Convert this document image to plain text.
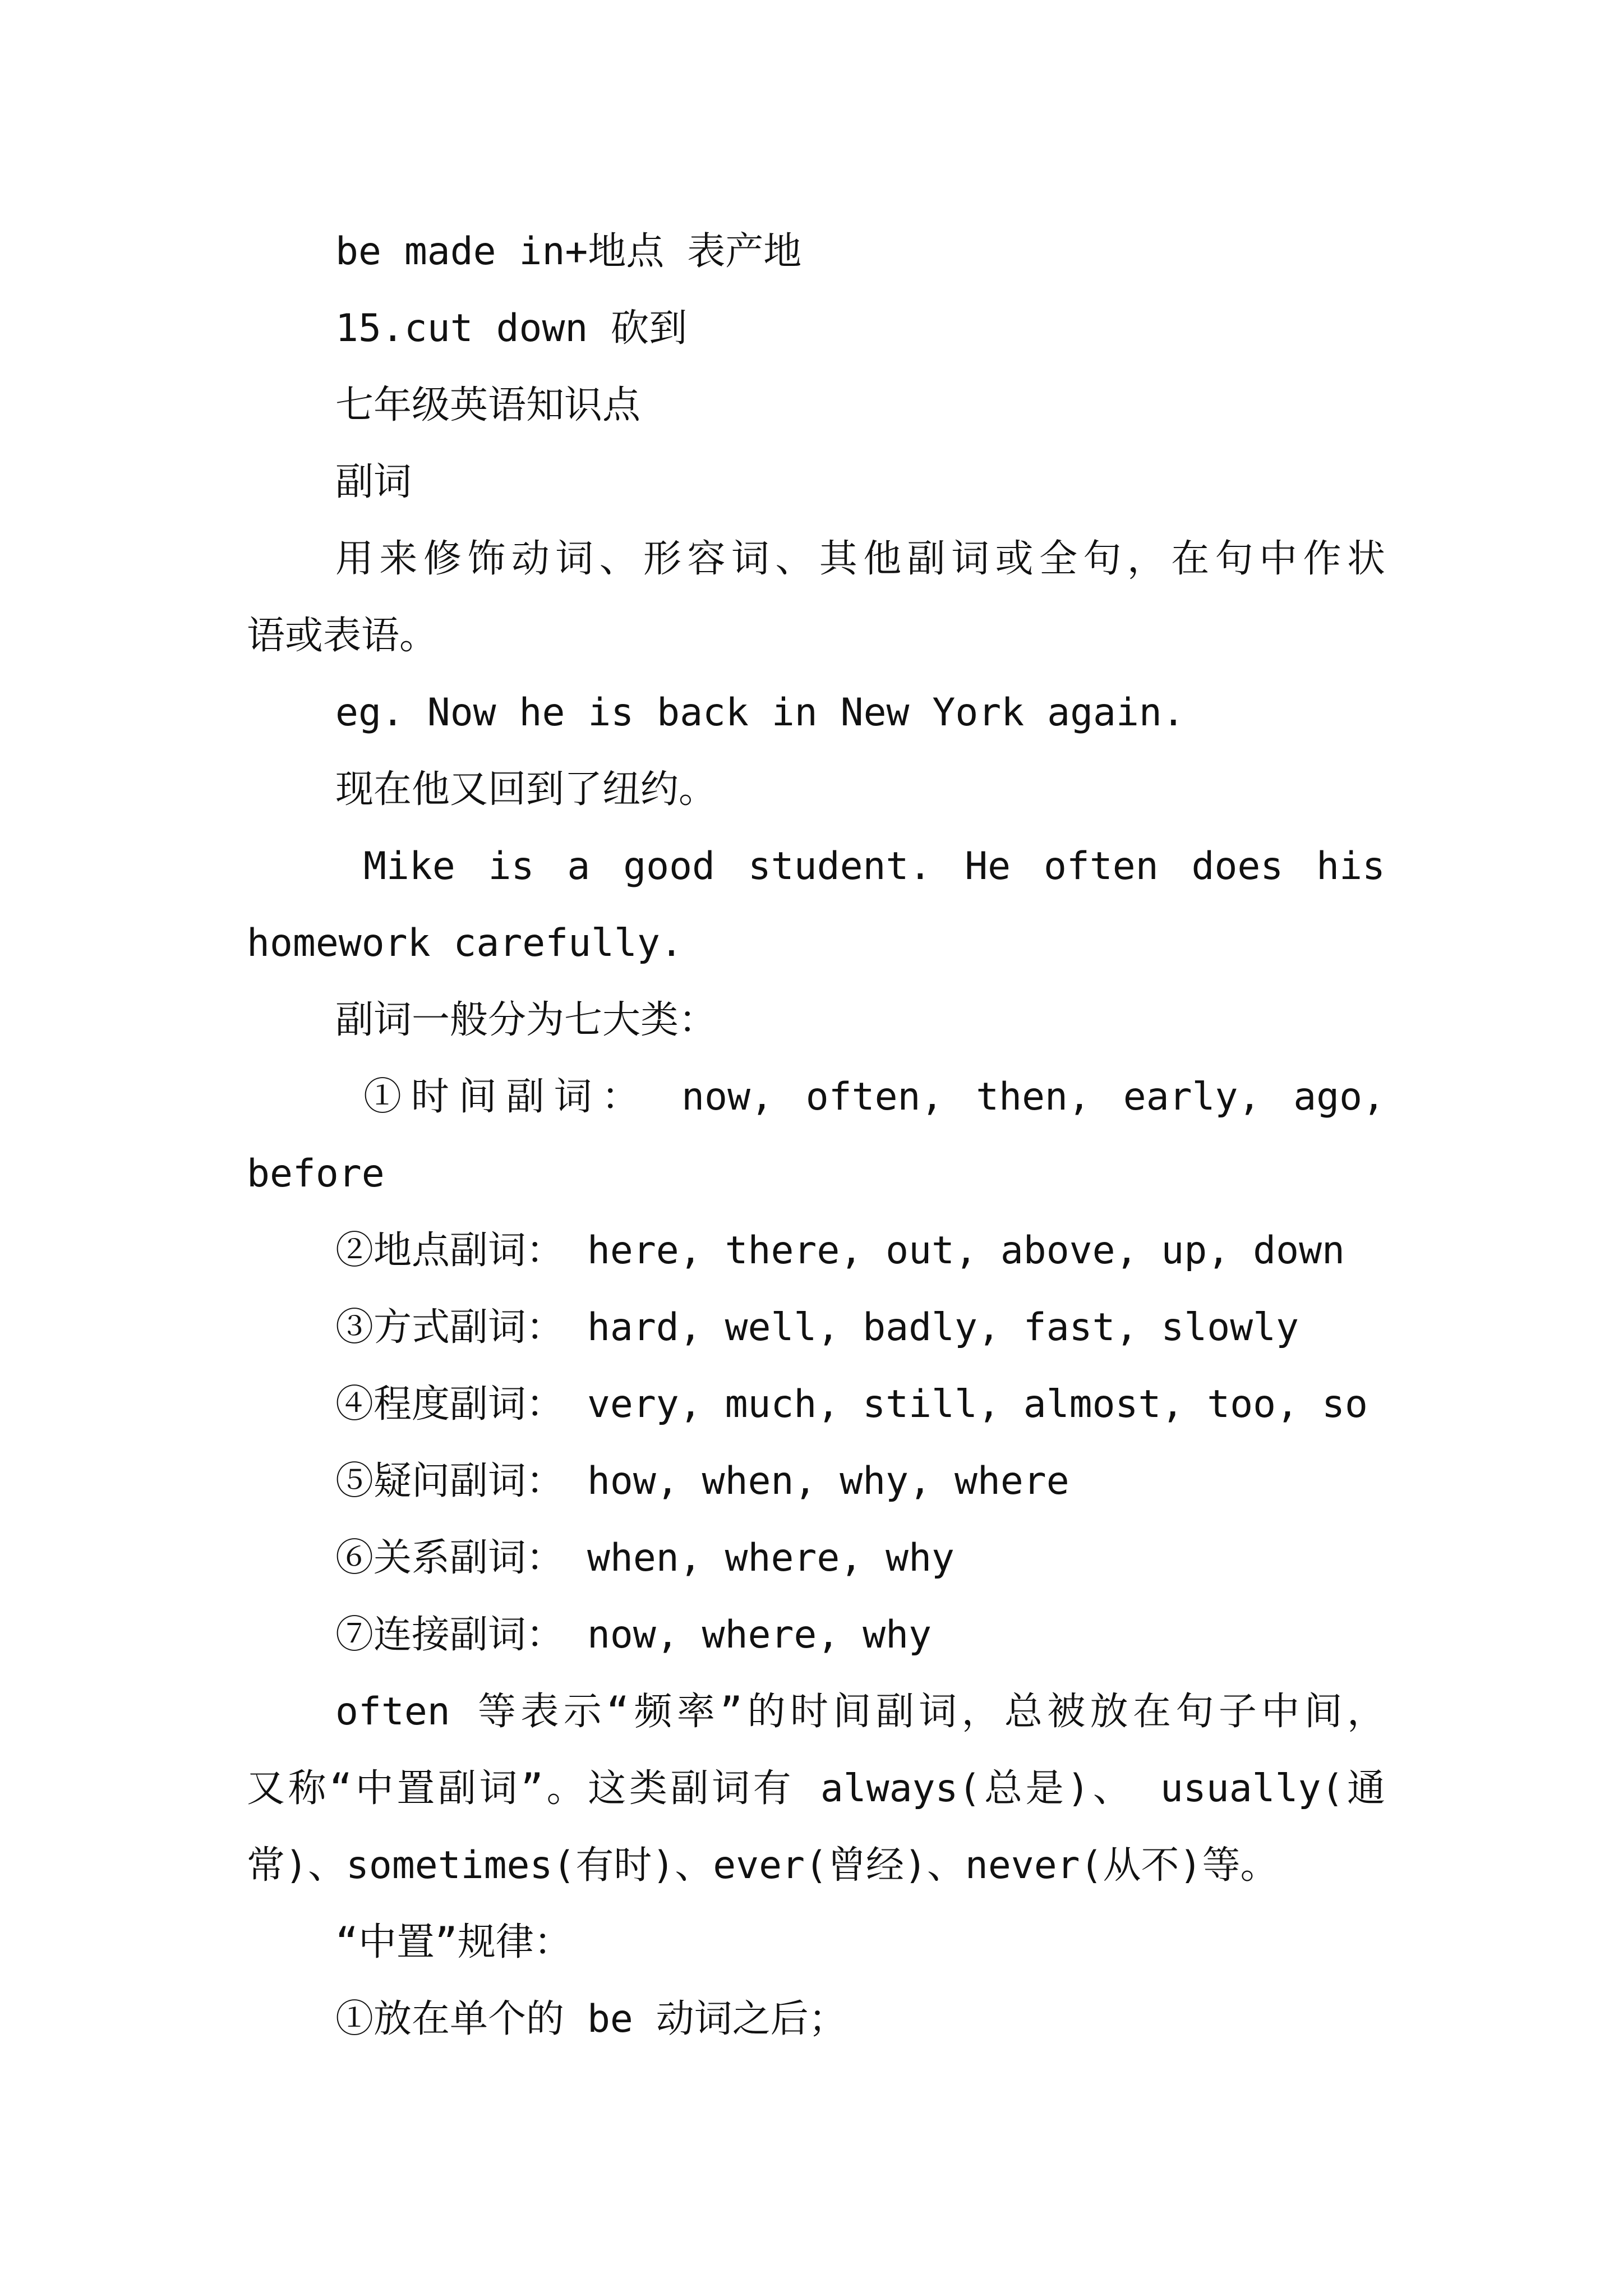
be made in+地点 表产地
15.cut down 砍到
七年级英语知识点
副词
用来修饰动词、形容词、其他副词或全句，在句中作状
语或表语。
eg. Now he is back in New York again.
现在他又回到了纽约。
Mike is a good student. He often does his
homework carefully.
副词一般分为七大类：
①时间副词： now, often, then, early, ago,
before
②地点副词： here, there, out, above, up, down
③方式副词： hard, well, badly, fast, slowly
④程度副词： very, much, still, almost, too, so
⑤疑问副词： how, when, why, where
⑥关系副词： when, where, why
⑦连接副词： now, where, why
often 等表示“频率”的时间副词，总被放在句子中间，
又称“中置副词”。这类副词有 always(总是)、 usually(通
常)、sometimes(有时)、ever(曾经)、never(从不)等。
“中置”规律：
①放在单个的 be 动词之后；
